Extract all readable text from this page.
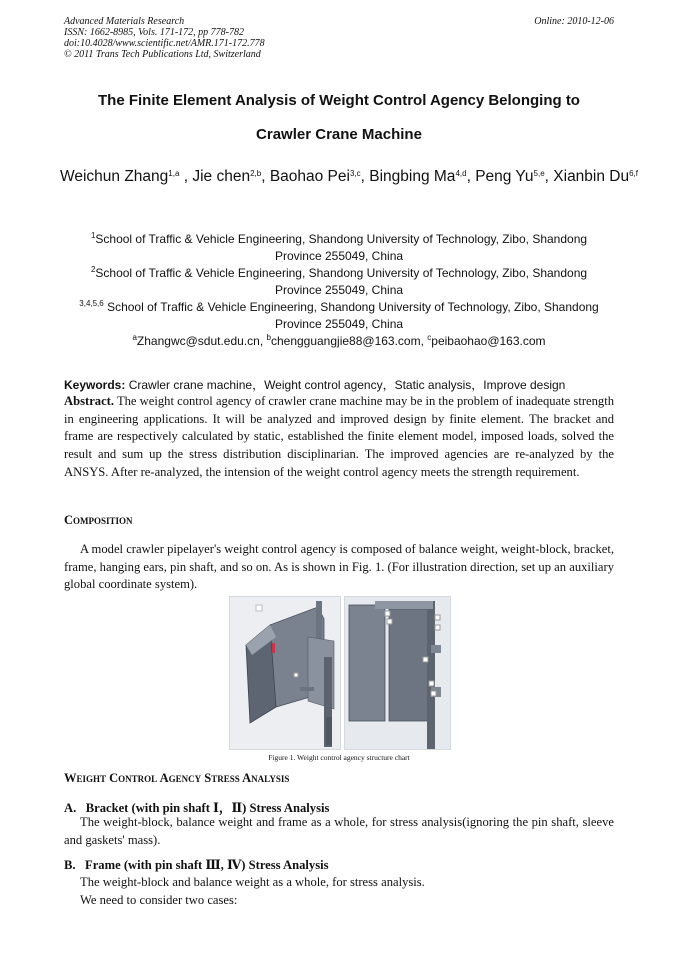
Advanced Materials Research
ISSN: 1662-8985, Vols. 171-172, pp 778-782
doi:10.4028/www.scientific.net/AMR.171-172.778
© 2011 Trans Tech Publications Ltd, Switzerland
Online: 2010-12-06
The Finite Element Analysis of Weight Control Agency Belonging to
Crawler Crane Machine
Weichun Zhang$^{1,a}$ , Jie chen$^{2,b}$, Baohao Pei$^{3,c}$, Bingbing Ma$^{4,d}$, Peng Yu$^{5,e}$, Xianbin Du$^{6,f}$
$^1$School of Traffic & Vehicle Engineering, Shandong University of Technology, Zibo, Shandong
Province 255049, China
$^2$School of Traffic & Vehicle Engineering, Shandong University of Technology, Zibo, Shandong
Province 255049, China
$^{3,4,5,6}$ School of Traffic & Vehicle Engineering, Shandong University of Technology, Zibo, Shandong
Province 255049, China
$^a$Zhangwc@sdut.edu.cn, $^b$chengguangjie88@163.com, $^c$peibaohao@163.com
Keywords: Crawler crane machine，Weight control agency，Static analysis，Improve design
Abstract. The weight control agency of crawler crane machine may be in the problem of inadequate strength in engineering applications. It will be analyzed and improved design by finite element. The bracket and frame are respectively calculated by static, established the finite element model, imposed loads, solved the result and sum up the stress distribution disciplinarian. The improved agencies are re-analyzed by the ANSYS. After re-analyzed, the intension of the weight control agency meets the strength requirement.
Composition
A model crawler pipelayer's weight control agency is composed of balance weight, weight-block, bracket, frame, hanging ears, pin shaft, and so on. As is shown in Fig. 1. (For illustration direction, set up an auxiliary global coordinate system).
Figure 1. Weight control agency structure chart
Weight Control Agency Stress Analysis
A. Bracket (with pin shaft Ⅰ，Ⅱ) Stress Analysis
The weight-block, balance weight and frame as a whole, for stress analysis(ignoring the pin shaft, sleeve and gaskets' mass).
B. Frame (with pin shaft Ⅲ, Ⅳ) Stress Analysis
The weight-block and balance weight as a whole, for stress analysis.
We need to consider two cases:
